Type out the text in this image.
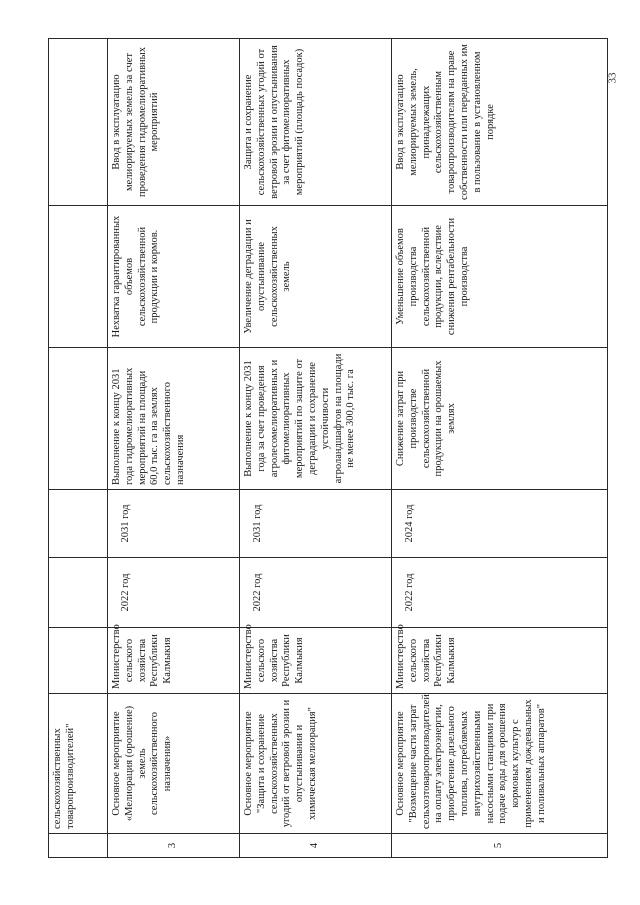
	сельскохозяйственных товаропроизводителей"						
3	Основное мероприятие «Мелиорация (орошение) земель сельскохозяйственного назначения»	Министерство сельского хозяйства Республики Калмыкия	2022 год	2031 год	Выполнение к концу 2031 года гидромелиоративных мероприятий на площади 60,0 тыс. га на землях сельскохозяйственного назначения	Нехватка гарантированных объемов сельскохозяйственной продукции и кормов.	Ввод в эксплуатацию мелиорируемых земель за счет проведения гидромелиоративных мероприятий
4	Основное мероприятие "Защита и сохранение сельскохозяйственных угодий от ветровой эрозии и опустынивания и химическая мелиорация"	Министерство сельского хозяйства Республики Калмыкия	2022 год	2031 год	Выполнение к концу 2031 года за счет проведения агролесомелиоративных и фитомелиоративных мероприятий по защите от деградации и сохранение устойчивости агроландшафтов на площади не менее 300,0 тыс. га	Увеличение деградации и опустынивание сельскохозяйственных земель	Защита и сохранение сельскохозяйственных угодий от ветровой эрозии и опустынивания за счет фитомелиоративных мероприятий (площадь посадок)
5	Основное мероприятие "Возмещение части затрат сельхозтоваропроизводителей на оплату электроэнергии, приобретение дизельного топлива, потребляемых внутрихозяйственными насосными станциями при подаче воды для орошения кормовых культур с применением дождевальных и поливальных аппаратов"	Министерство сельского хозяйства Республики Калмыкия	2022 год	2024 год	Снижение затрат при производстве сельскохозяйственной продукции на орошаемых землях	Уменьшение объемов производства сельскохозяйственной продукции, вследствие снижения рентабельности производства	Ввод в эксплуатацию мелиорируемых земель, принадлежащих сельскохозяйственным товаропроизводителям на праве собственности или переданных им в пользование в установленном порядке
33
